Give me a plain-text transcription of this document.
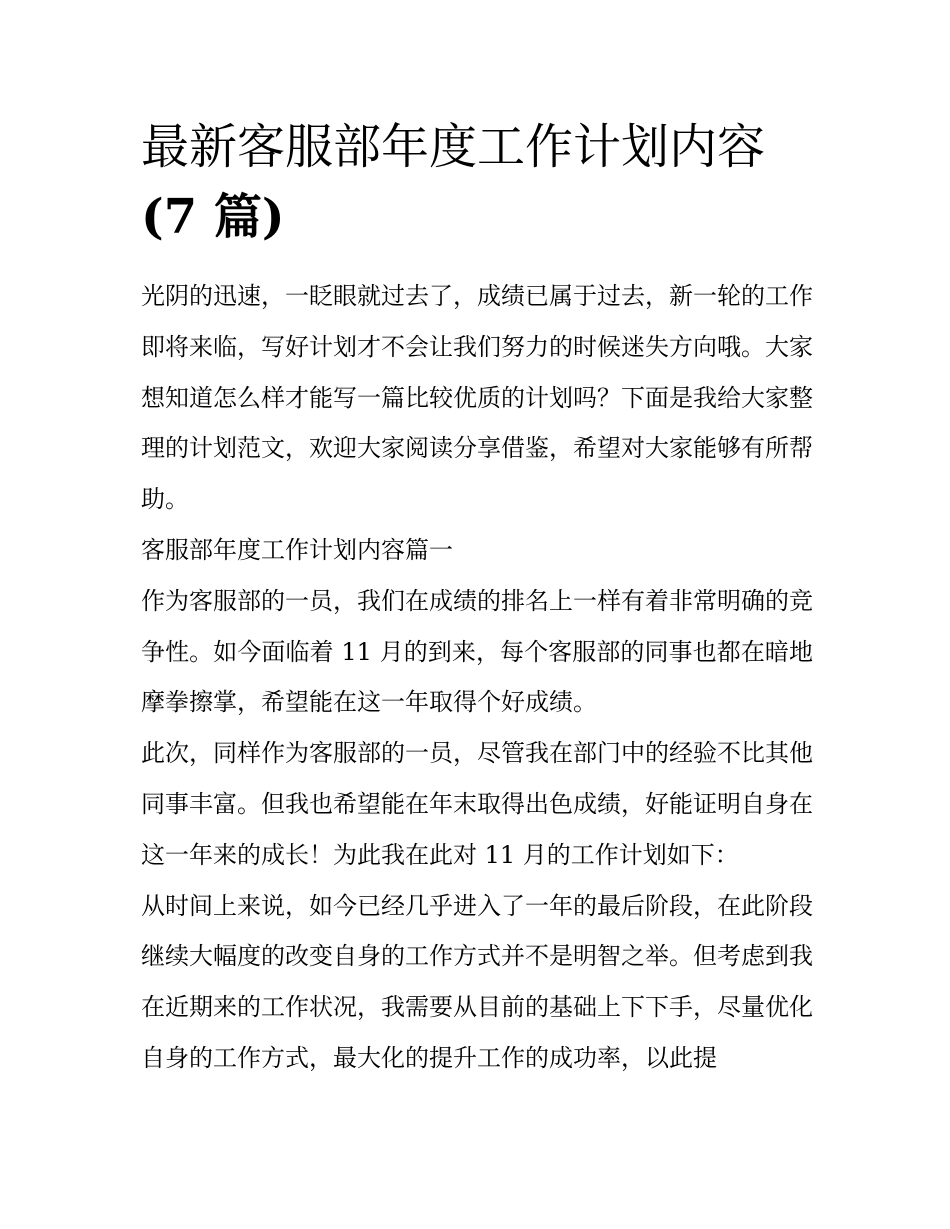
最新客服部年度工作计划内容
(7 篇)

光阴的迅速，一眨眼就过去了，成绩已属于过去，新一轮的工作即将来临，写好计划才不会让我们努力的时候迷失方向哦。大家想知道怎么样才能写一篇比较优质的计划吗？下面是我给大家整理的计划范文，欢迎大家阅读分享借鉴，希望对大家能够有所帮助。

客服部年度工作计划内容篇一

作为客服部的一员，我们在成绩的排名上一样有着非常明确的竞争性。如今面临着 11 月的到来，每个客服部的同事也都在暗地摩拳擦掌，希望能在这一年取得个好成绩。

此次，同样作为客服部的一员，尽管我在部门中的经验不比其他同事丰富。但我也希望能在年末取得出色成绩，好能证明自身在这一年来的成长！为此我在此对 11 月的工作计划如下：

从时间上来说，如今已经几乎进入了一年的最后阶段，在此阶段继续大幅度的改变自身的工作方式并不是明智之举。但考虑到我在近期来的工作状况，我需要从目前的基础上下下手，尽量优化自身的工作方式，最大化的提升工作的成功率，以此提
